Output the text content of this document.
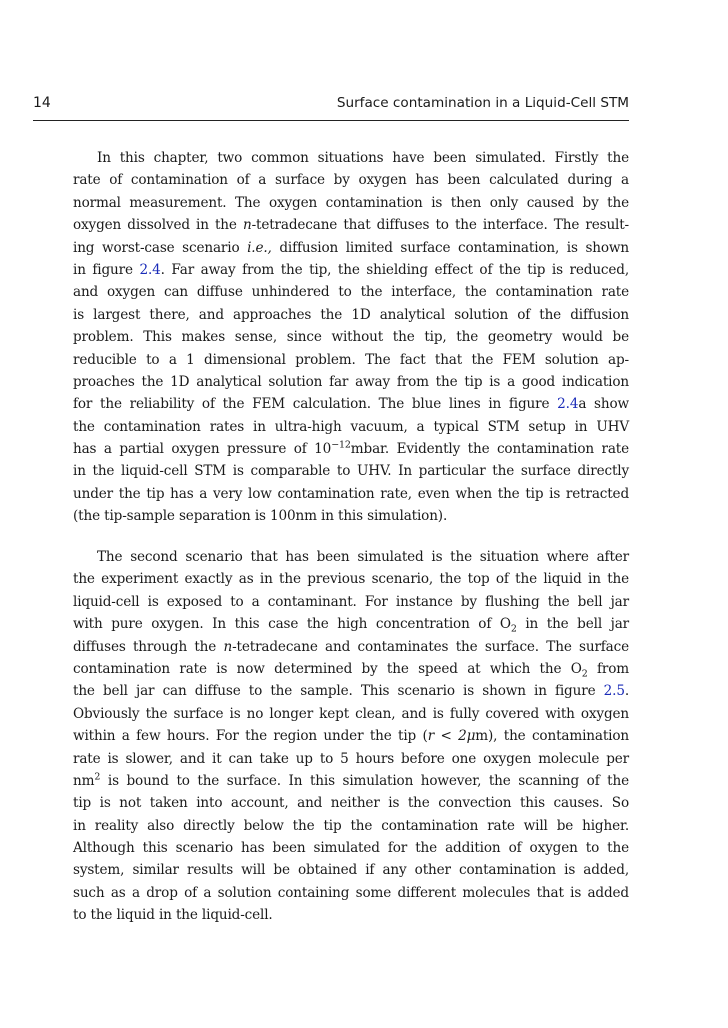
14	Surface contamination in a Liquid-Cell STM
In this chapter, two common situations have been simulated. Firstly the
rate of contamination of a surface by oxygen has been calculated during a
normal measurement. The oxygen contamination is then only caused by the
oxygen dissolved in the n-tetradecane that diffuses to the interface. The result-
ing worst-case scenario i.e., diffusion limited surface contamination, is shown
in figure 2.4. Far away from the tip, the shielding effect of the tip is reduced,
and oxygen can diffuse unhindered to the interface, the contamination rate
is largest there, and approaches the 1D analytical solution of the diffusion
problem. This makes sense, since without the tip, the geometry would be
reducible to a 1 dimensional problem. The fact that the FEM solution ap-
proaches the 1D analytical solution far away from the tip is a good indication
for the reliability of the FEM calculation. The blue lines in figure 2.4a show
the contamination rates in ultra-high vacuum, a typical STM setup in UHV
has a partial oxygen pressure of $10^{-12}mbar$. Evidently the contamination rate
in the liquid-cell STM is comparable to UHV. In particular the surface directly
under the tip has a very low contamination rate, even when the tip is retracted
(the tip-sample separation is 100nm in this simulation).
The second scenario that has been simulated is the situation where after
the experiment exactly as in the previous scenario, the top of the liquid in the
liquid-cell is exposed to a contaminant. For instance by flushing the bell jar
with pure oxygen. In this case the high concentration of $O_2$ in the bell jar
diffuses through the n-tetradecane and contaminates the surface. The surface
contamination rate is now determined by the speed at which the $O_2$ from
the bell jar can diffuse to the sample. This scenario is shown in figure 2.5.
Obviously the surface is no longer kept clean, and is fully covered with oxygen
within a few hours. For the region under the tip (r < 2μm), the contamination
rate is slower, and it can take up to 5 hours before one oxygen molecule per
$nm^2$ is bound to the surface. In this simulation however, the scanning of the
tip is not taken into account, and neither is the convection this causes. So
in reality also directly below the tip the contamination rate will be higher.
Although this scenario has been simulated for the addition of oxygen to the
system, similar results will be obtained if any other contamination is added,
such as a drop of a solution containing some different molecules that is added
to the liquid in the liquid-cell.
